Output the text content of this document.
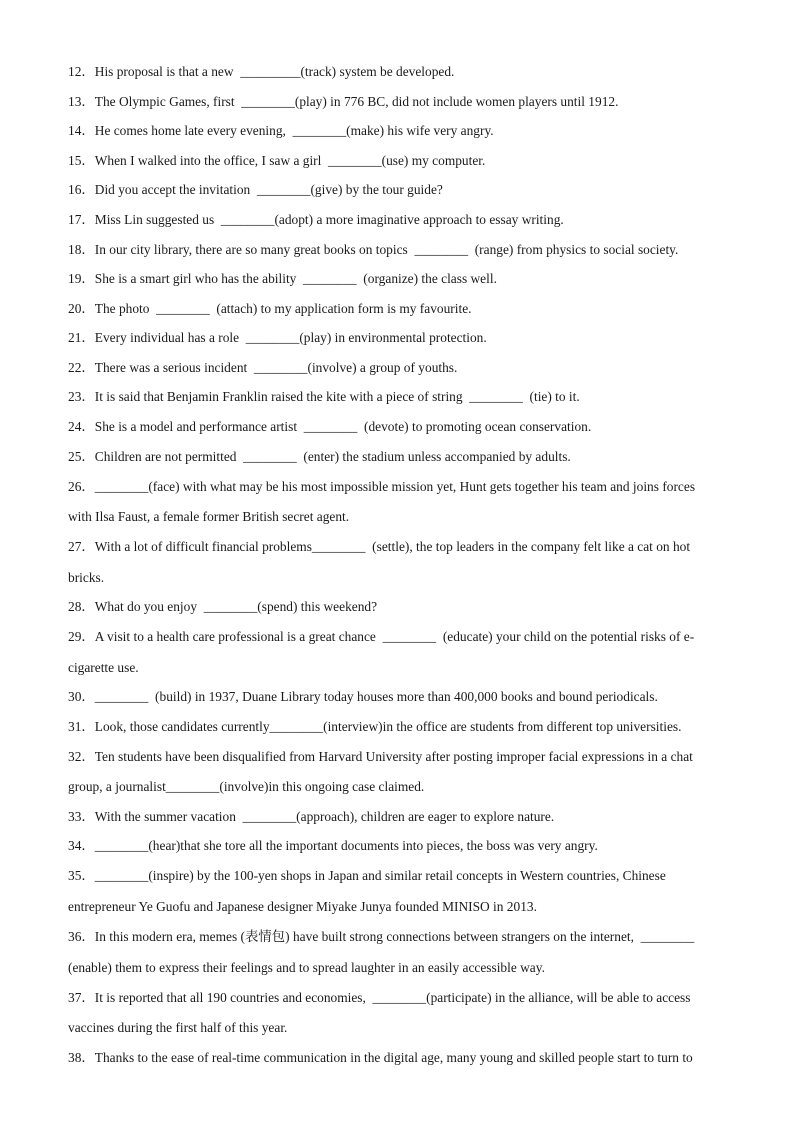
12．His proposal is that a new  _________(track) system be developed.
13．The Olympic Games, first  ________(play) in 776 BC, did not include women players until 1912.
14．He comes home late every evening,  ________(make) his wife very angry.
15．When I walked into the office, I saw a girl  ________(use) my computer.
16．Did you accept the invitation  ________(give) by the tour guide?
17．Miss Lin suggested us  ________(adopt) a more imaginative approach to essay writing.
18．In our city library, there are so many great books on topics  ________  (range) from physics to social society.
19．She is a smart girl who has the ability  ________  (organize) the class well.
20．The photo  ________  (attach) to my application form is my favourite.
21．Every individual has a role  ________(play) in environmental protection.
22．There was a serious incident  ________(involve) a group of youths.
23．It is said that Benjamin Franklin raised the kite with a piece of string  ________  (tie) to it.
24．She is a model and performance artist  ________  (devote) to promoting ocean conservation.
25．Children are not permitted  ________  (enter) the stadium unless accompanied by adults.
26．________(face) with what may be his most impossible mission yet, Hunt gets together his team and joins forces
with Ilsa Faust, a female former British secret agent.
27．With a lot of difficult financial problems________  (settle), the top leaders in the company felt like a cat on hot
bricks.
28．What do you enjoy  ________(spend) this weekend?
29．A visit to a health care professional is a great chance  ________  (educate) your child on the potential risks of e-
cigarette use.
30．________  (build) in 1937, Duane Library today houses more than 400,000 books and bound periodicals.
31．Look, those candidates currently________(interview)in the office are students from different top universities.
32．Ten students have been disqualified from Harvard University after posting improper facial expressions in a chat
group, a journalist________(involve)in this ongoing case claimed.
33．With the summer vacation  ________(approach), children are eager to explore nature.
34．________(hear)that she tore all the important documents into pieces, the boss was very angry.
35．________(inspire) by the 100-yen shops in Japan and similar retail concepts in Western countries, Chinese
entrepreneur Ye Guofu and Japanese designer Miyake Junya founded MINISO in 2013.
36．In this modern era, memes (表情包) have built strong connections between strangers on the internet,  ________
(enable) them to express their feelings and to spread laughter in an easily accessible way.
37．It is reported that all 190 countries and economies,  ________(participate) in the alliance, will be able to access
vaccines during the first half of this year.
38．Thanks to the ease of real-time communication in the digital age, many young and skilled people start to turn to
